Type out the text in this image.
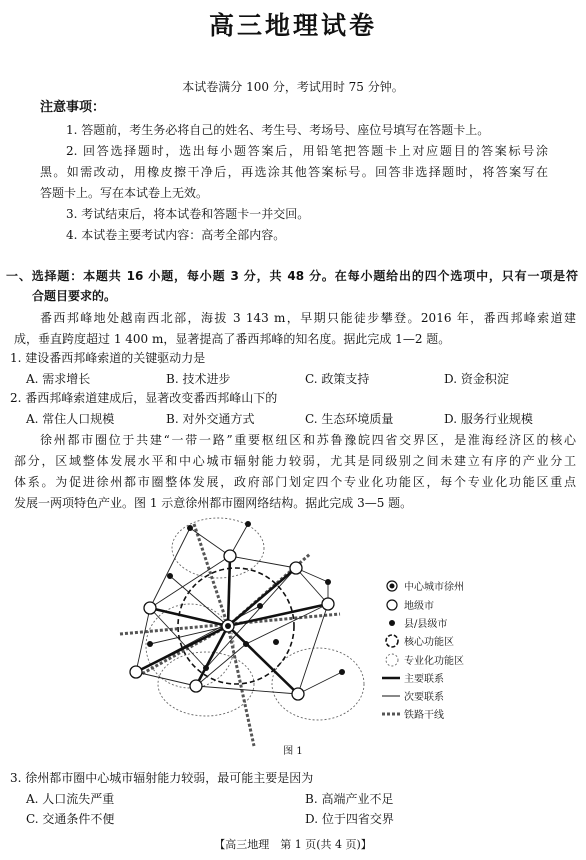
高三地理试卷
本试卷满分 100 分，考试用时 75 分钟。
注意事项：
1. 答题前，考生务必将自己的姓名、考生号、考场号、座位号填写在答题卡上。
2. 回答选择题时，选出每小题答案后，用铅笔把答题卡上对应题目的答案标号涂
黑。如需改动，用橡皮擦干净后，再选涂其他答案标号。回答非选择题时，将答案写在
答题卡上。写在本试卷上无效。
3. 考试结束后，将本试卷和答题卡一并交回。
4. 本试卷主要考试内容：高考全部内容。
一、选择题：本题共 16 小题，每小题 3 分，共 48 分。在每小题给出的四个选项中，只有一项是符
合题目要求的。
番西邦峰地处越南西北部，海拔 3 143 m，早期只能徒步攀登。2016 年，番西邦峰索道建
成，垂直跨度超过 1 400 m，显著提高了番西邦峰的知名度。据此完成 1—2 题。
1. 建设番西邦峰索道的关键驱动力是
A. 需求增长	B. 技术进步	C. 政策支持	D. 资金积淀
2. 番西邦峰索道建成后，显著改变番西邦峰山下的
A. 常住人口规模	B. 对外交通方式	C. 生态环境质量	D. 服务行业规模
徐州都市圈位于共建“一带一路”重要枢纽区和苏鲁豫皖四省交界区，是淮海经济区的核心
部分，区域整体发展水平和中心城市辐射能力较弱，尤其是同级别之间未建立有序的产业分工
体系。为促进徐州都市圈整体发展，政府部门划定四个专业化功能区，每个专业化功能区重点
发展一两项特色产业。图 1 示意徐州都市圈网络结构。据此完成 3—5 题。
中心城市徐州
地级市
县/县级市
核心功能区
专业化功能区
主要联系
次要联系
铁路干线
图 1
3. 徐州都市圈中心城市辐射能力较弱，最可能主要是因为
A. 人口流失严重	B. 高端产业不足
C. 交通条件不便	D. 位于四省交界
【高三地理　第 1 页(共 4 页)】
